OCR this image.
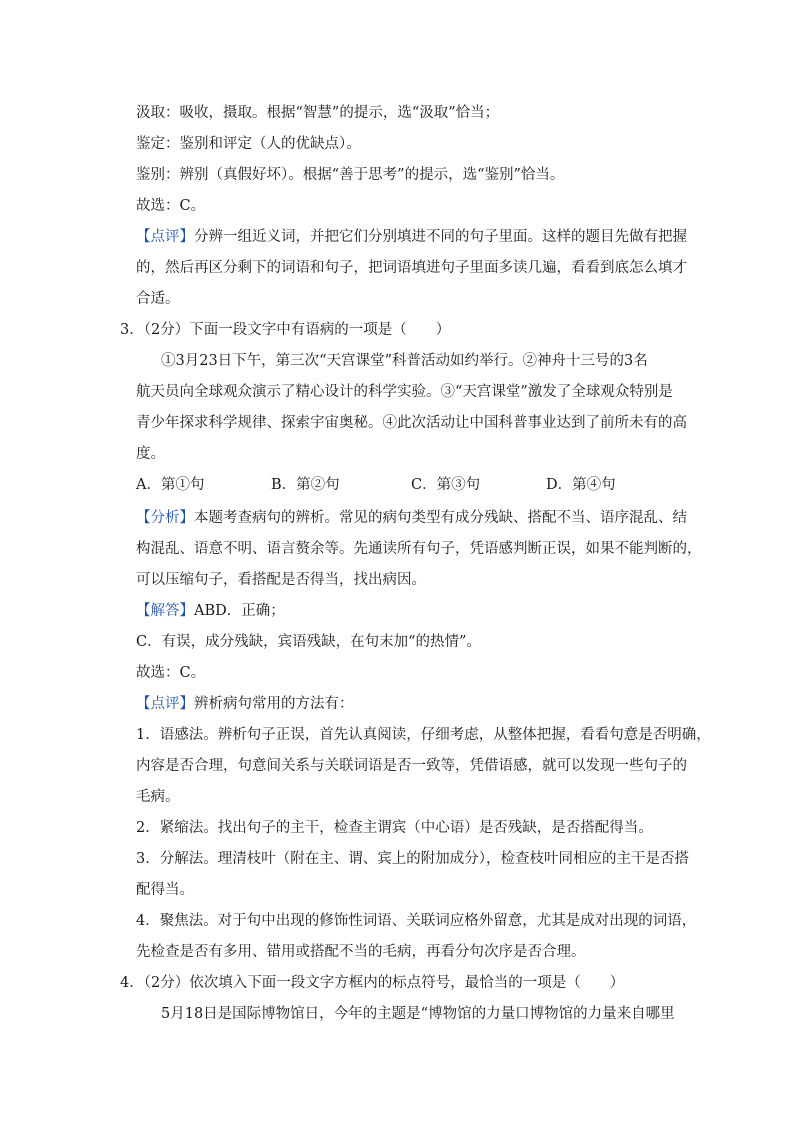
汲取：吸收，摄取。根据“智慧”的提示，选“汲取”恰当；
鉴定：鉴别和评定（人的优缺点）。
鉴别：辨别（真假好坏）。根据“善于思考”的提示，选“鉴别”恰当。
故选：C。
【点评】分辨一组近义词，并把它们分别填进不同的句子里面。这样的题目先做有把握
的，然后再区分剩下的词语和句子，把词语填进句子里面多读几遍，看看到底怎么填才
合适。
3．（2分）下面一段文字中有语病的一项是（　　）
①3月23日下午，第三次“天宫课堂”科普活动如约举行。②神舟十三号的3名
航天员向全球观众演示了精心设计的科学实验。③“天宫课堂”激发了全球观众特别是
青少年探求科学规律、探索宇宙奥秘。④此次活动让中国科普事业达到了前所未有的高
度。
A．第①句	B．第②句	C．第③句	D．第④句
【分析】本题考查病句的辨析。常见的病句类型有成分残缺、搭配不当、语序混乱、结
构混乱、语意不明、语言赘余等。先通读所有句子，凭语感判断正误，如果不能判断的，
可以压缩句子，看搭配是否得当，找出病因。
【解答】ABD．正确；
C．有误，成分残缺，宾语残缺，在句末加“的热情”。
故选：C。
【点评】辨析病句常用的方法有：
1．语感法。辨析句子正误，首先认真阅读，仔细考虑，从整体把握，看看句意是否明确，
内容是否合理，句意间关系与关联词语是否一致等，凭借语感，就可以发现一些句子的
毛病。
2．紧缩法。找出句子的主干，检查主谓宾（中心语）是否残缺，是否搭配得当。
3．分解法。理清枝叶（附在主、谓、宾上的附加成分），检查枝叶同相应的主干是否搭
配得当。
4．聚焦法。对于句中出现的修饰性词语、关联词应格外留意，尤其是成对出现的词语，
先检查是否有多用、错用或搭配不当的毛病，再看分句次序是否合理。
4．（2分）依次填入下面一段文字方框内的标点符号，最恰当的一项是（　　）
5月18日是国际博物馆日，今年的主题是“博物馆的力量口博物馆的力量来自哪里
